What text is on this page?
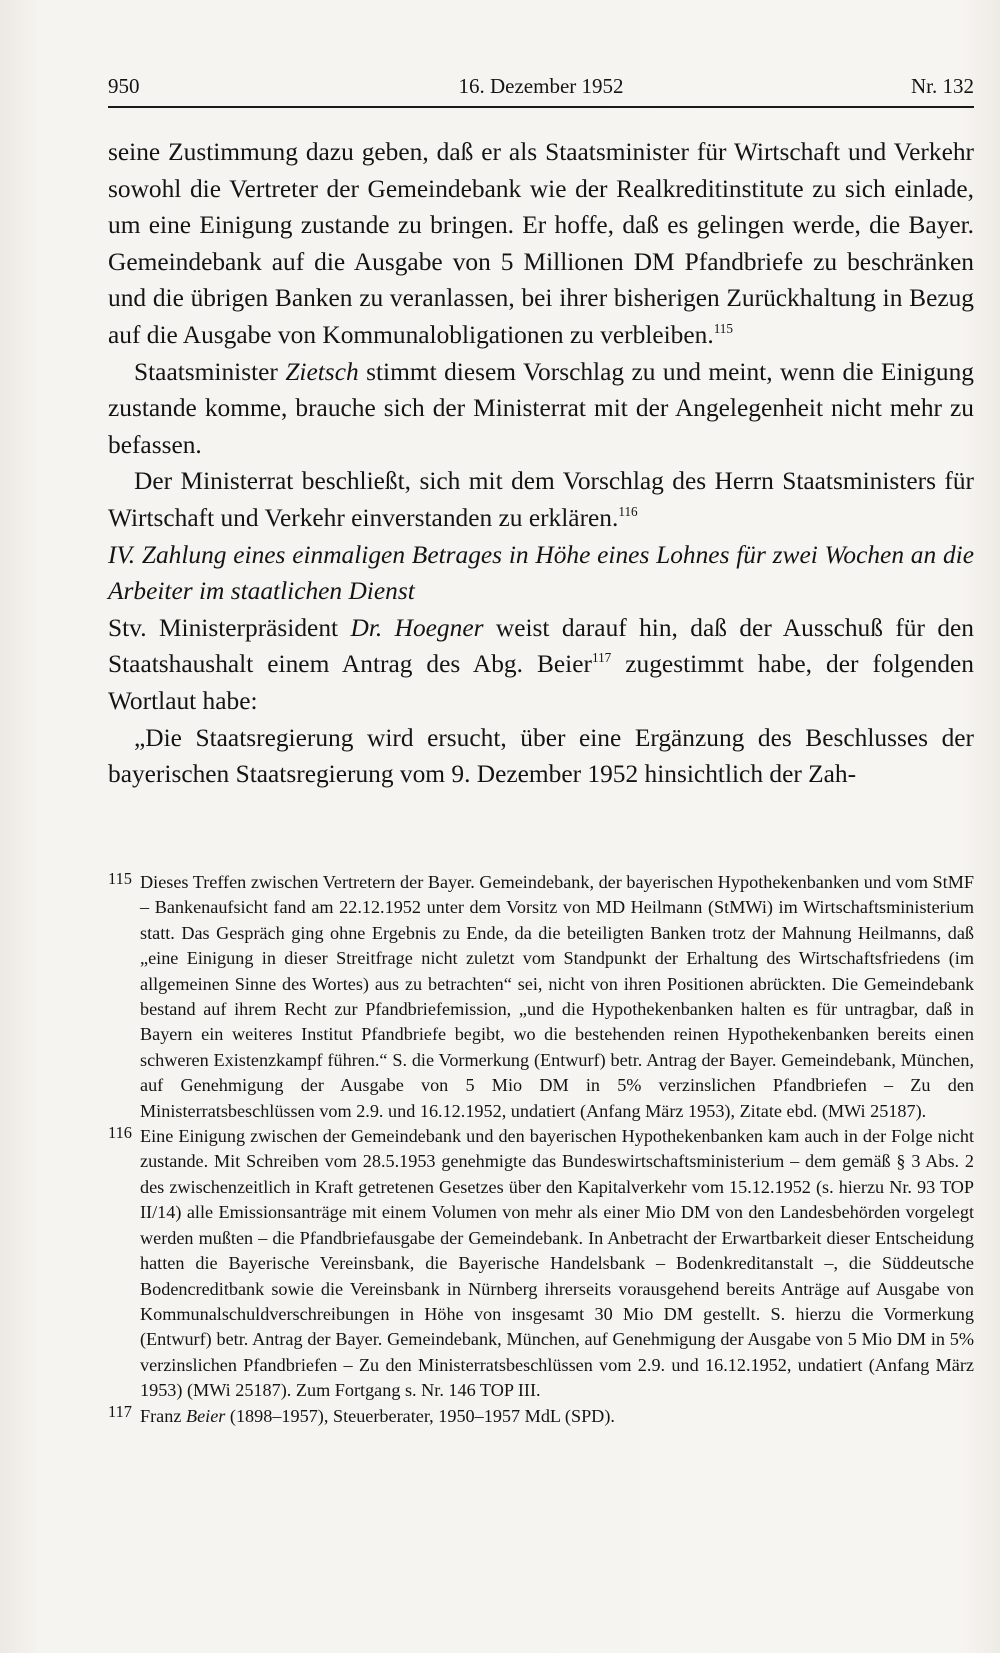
16. Dezember 1952
950	Nr. 132

seine Zustimmung dazu geben, daß er als Staatsminister für Wirtschaft und Verkehr sowohl die Vertreter der Gemeindebank wie der Realkreditinstitute zu sich einlade, um eine Einigung zustande zu bringen. Er hoffe, daß es gelingen werde, die Bayer. Gemeindebank auf die Ausgabe von 5 Millionen DM Pfandbriefe zu beschränken und die übrigen Banken zu veranlassen, bei ihrer bisherigen Zurückhaltung in Bezug auf die Ausgabe von Kommunalobligationen zu verbleiben.$^{115}$

Staatsminister Zietsch stimmt diesem Vorschlag zu und meint, wenn die Einigung zustande komme, brauche sich der Ministerrat mit der Angelegenheit nicht mehr zu befassen.

Der Ministerrat beschließt, sich mit dem Vorschlag des Herrn Staatsministers für Wirtschaft und Verkehr einverstanden zu erklären.$^{116}$

IV. Zahlung eines einmaligen Betrages in Höhe eines Lohnes für zwei Wochen an die Arbeiter im staatlichen Dienst

Stv. Ministerpräsident Dr. Hoegner weist darauf hin, daß der Ausschuß für den Staatshaushalt einem Antrag des Abg. Beier$^{117}$ zugestimmt habe, der folgenden Wortlaut habe:

„Die Staatsregierung wird ersucht, über eine Ergänzung des Beschlusses der bayerischen Staatsregierung vom 9. Dezember 1952 hinsichtlich der Zah-

115 Dieses Treffen zwischen Vertretern der Bayer. Gemeindebank, der bayerischen Hypothekenbanken und vom StMF – Bankenaufsicht fand am 22.12.1952 unter dem Vorsitz von MD Heilmann (StMWi) im Wirtschaftsministerium statt. Das Gespräch ging ohne Ergebnis zu Ende, da die beteiligten Banken trotz der Mahnung Heilmanns, daß „eine Einigung in dieser Streitfrage nicht zuletzt vom Standpunkt der Erhaltung des Wirtschaftsfriedens (im allgemeinen Sinne des Wortes) aus zu betrachten“ sei, nicht von ihren Positionen abrückten. Die Gemeindebank bestand auf ihrem Recht zur Pfandbriefemission, „und die Hypothekenbanken halten es für untragbar, daß in Bayern ein weiteres Institut Pfandbriefe begibt, wo die bestehenden reinen Hypothekenbanken bereits einen schweren Existenzkampf führen.“ S. die Vormerkung (Entwurf) betr. Antrag der Bayer. Gemeindebank, München, auf Genehmigung der Ausgabe von 5 Mio DM in 5% verzinslichen Pfandbriefen – Zu den Ministerratsbeschlüssen vom 2.9. und 16.12.1952, undatiert (Anfang März 1953), Zitate ebd. (MWi 25187).

116 Eine Einigung zwischen der Gemeindebank und den bayerischen Hypothekenbanken kam auch in der Folge nicht zustande. Mit Schreiben vom 28.5.1953 genehmigte das Bundeswirtschaftsministerium – dem gemäß § 3 Abs. 2 des zwischenzeitlich in Kraft getretenen Gesetzes über den Kapitalverkehr vom 15.12.1952 (s. hierzu Nr. 93 TOP II/14) alle Emissionsanträge mit einem Volumen von mehr als einer Mio DM von den Landesbehörden vorgelegt werden mußten – die Pfandbriefausgabe der Gemeindebank. In Anbetracht der Erwartbarkeit dieser Entscheidung hatten die Bayerische Vereinsbank, die Bayerische Handelsbank – Bodenkreditanstalt –, die Süddeutsche Bodencreditbank sowie die Vereinsbank in Nürnberg ihrerseits vorausgehend bereits Anträge auf Ausgabe von Kommunalschuldverschreibungen in Höhe von insgesamt 30 Mio DM gestellt. S. hierzu die Vormerkung (Entwurf) betr. Antrag der Bayer. Gemeindebank, München, auf Genehmigung der Ausgabe von 5 Mio DM in 5% verzinslichen Pfandbriefen – Zu den Ministerratsbeschlüssen vom 2.9. und 16.12.1952, undatiert (Anfang März 1953) (MWi 25187). Zum Fortgang s. Nr. 146 TOP III.

117 Franz Beier (1898–1957), Steuerberater, 1950–1957 MdL (SPD).
